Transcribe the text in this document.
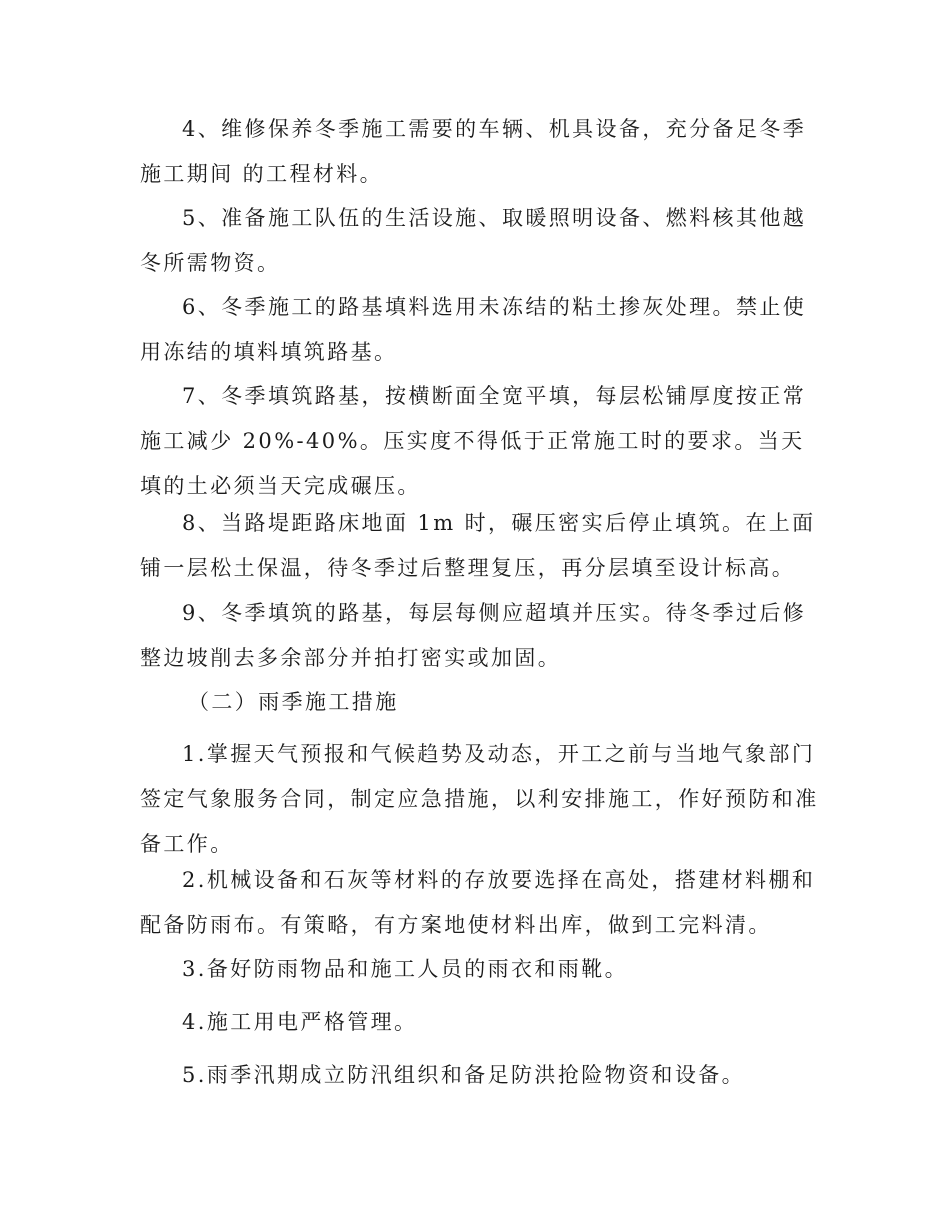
4、维修保养冬季施工需要的车辆、机具设备，充分备足冬季施工期间 的工程材料。

5、准备施工队伍的生活设施、取暖照明设备、燃料核其他越冬所需物资。

6、冬季施工的路基填料选用未冻结的粘土掺灰处理。禁止使用冻结的填料填筑路基。

7、冬季填筑路基，按横断面全宽平填，每层松铺厚度按正常施工减少 20%-40%。压实度不得低于正常施工时的要求。当天填的土必须当天完成碾压。

8、当路堤距路床地面 1m 时，碾压密实后停止填筑。在上面铺一层松土保温，待冬季过后整理复压，再分层填至设计标高。

9、冬季填筑的路基，每层每侧应超填并压实。待冬季过后修整边坡削去多余部分并拍打密实或加固。

（二）雨季施工措施

1.掌握天气预报和气候趋势及动态，开工之前与当地气象部门签定气象服务合同，制定应急措施，以利安排施工，作好预防和准备工作。

2.机械设备和石灰等材料的存放要选择在高处，搭建材料棚和配备防雨布。有策略，有方案地使材料出库，做到工完料清。

3.备好防雨物品和施工人员的雨衣和雨靴。

4.施工用电严格管理。

5.雨季汛期成立防汛组织和备足防洪抢险物资和设备。
